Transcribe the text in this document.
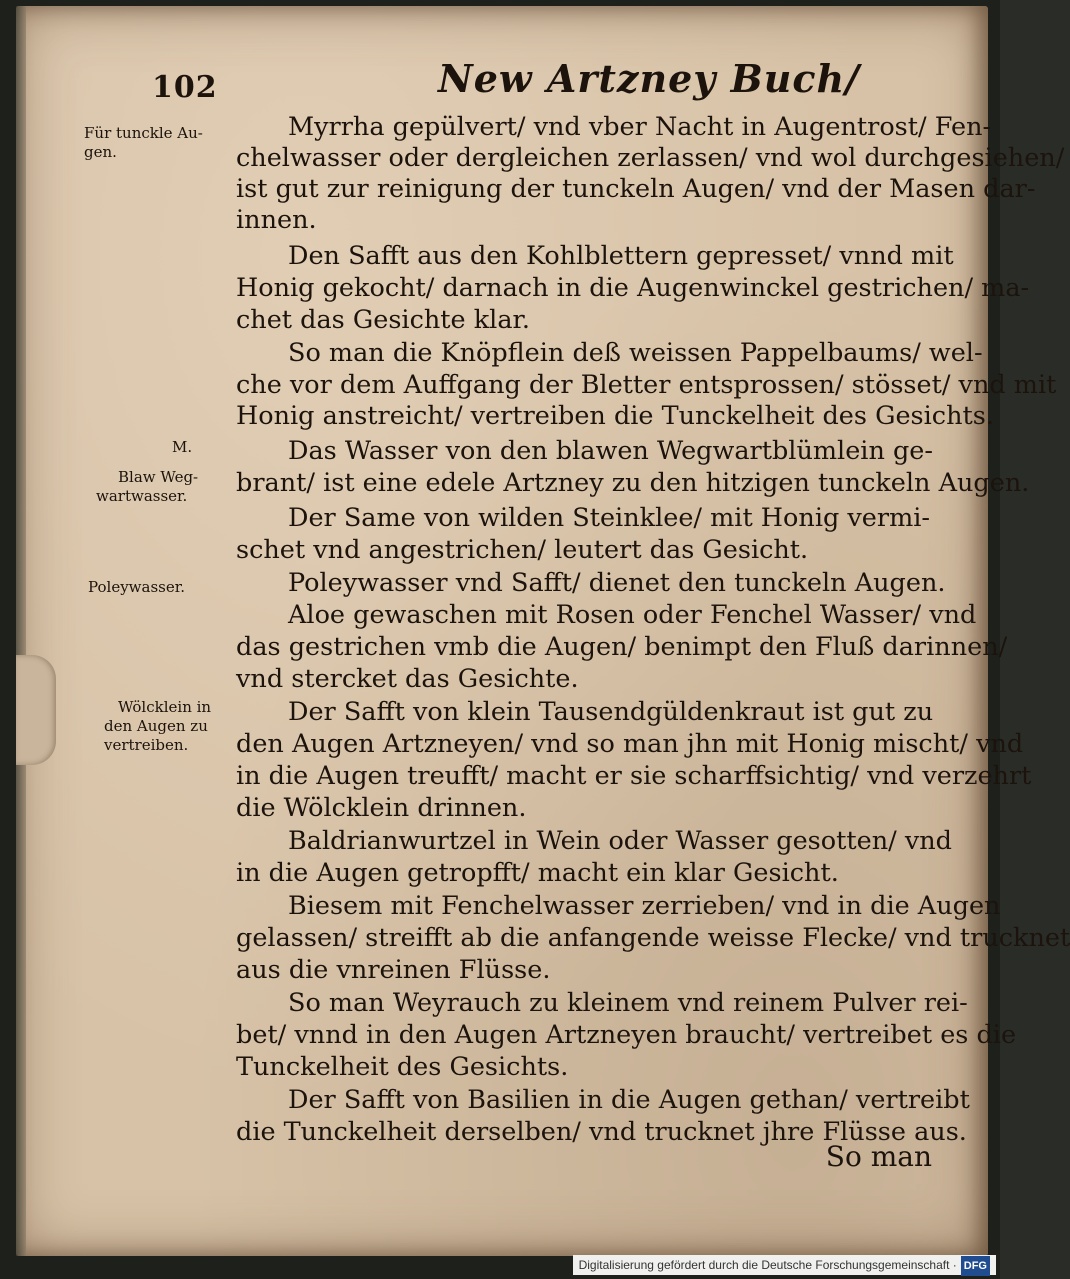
102	New Artzney Buch/
Für tunckle Au-
gen.
M.
Blaw Weg-
wartwasser.
Poleywasser.
Wölcklein in
den Augen zu
vertreiben.
Myrrha gepülvert/ vnd vber Nacht in Augentrost/ Fen-
chelwasser oder dergleichen zerlassen/ vnd wol durchgesiehen/
ist gut zur reinigung der tunckeln Augen/ vnd der Masen dar-
innen.
Den Safft aus den Kohlblettern gepresset/ vnnd mit
Honig gekocht/ darnach in die Augenwinckel gestrichen/ ma-
chet das Gesichte klar.
So man die Knöpflein deß weissen Pappelbaums/ wel-
che vor dem Auffgang der Bletter entsprossen/ stösset/ vnd mit
Honig anstreicht/ vertreiben die Tunckelheit des Gesichts.
Das Wasser von den blawen Wegwartblümlein ge-
brant/ ist eine edele Artzney zu den hitzigen tunckeln Augen.
Der Same von wilden Steinklee/ mit Honig vermi-
schet vnd angestrichen/ leutert das Gesicht.
Poleywasser vnd Safft/ dienet den tunckeln Augen.
Aloe gewaschen mit Rosen oder Fenchel Wasser/ vnd
das gestrichen vmb die Augen/ benimpt den Fluß darinnen/
vnd stercket das Gesichte.
Der Safft von klein Tausendgüldenkraut ist gut zu
den Augen Artzneyen/ vnd so man jhn mit Honig mischt/ vnd
in die Augen treufft/ macht er sie scharffsichtig/ vnd verzehrt
die Wölcklein drinnen.
Baldrianwurtzel in Wein oder Wasser gesotten/ vnd
in die Augen getropfft/ macht ein klar Gesicht.
Biesem mit Fenchelwasser zerrieben/ vnd in die Augen
gelassen/ streifft ab die anfangende weisse Flecke/ vnd trucknet
aus die vnreinen Flüsse.
So man Weyrauch zu kleinem vnd reinem Pulver rei-
bet/ vnnd in den Augen Artzneyen braucht/ vertreibet es die
Tunckelheit des Gesichts.
Der Safft von Basilien in die Augen gethan/ vertreibt
die Tunckelheit derselben/ vnd trucknet jhre Flüsse aus.
So man
Digitalisierung gefördert durch die Deutsche Forschungsgemeinschaft · DFG
